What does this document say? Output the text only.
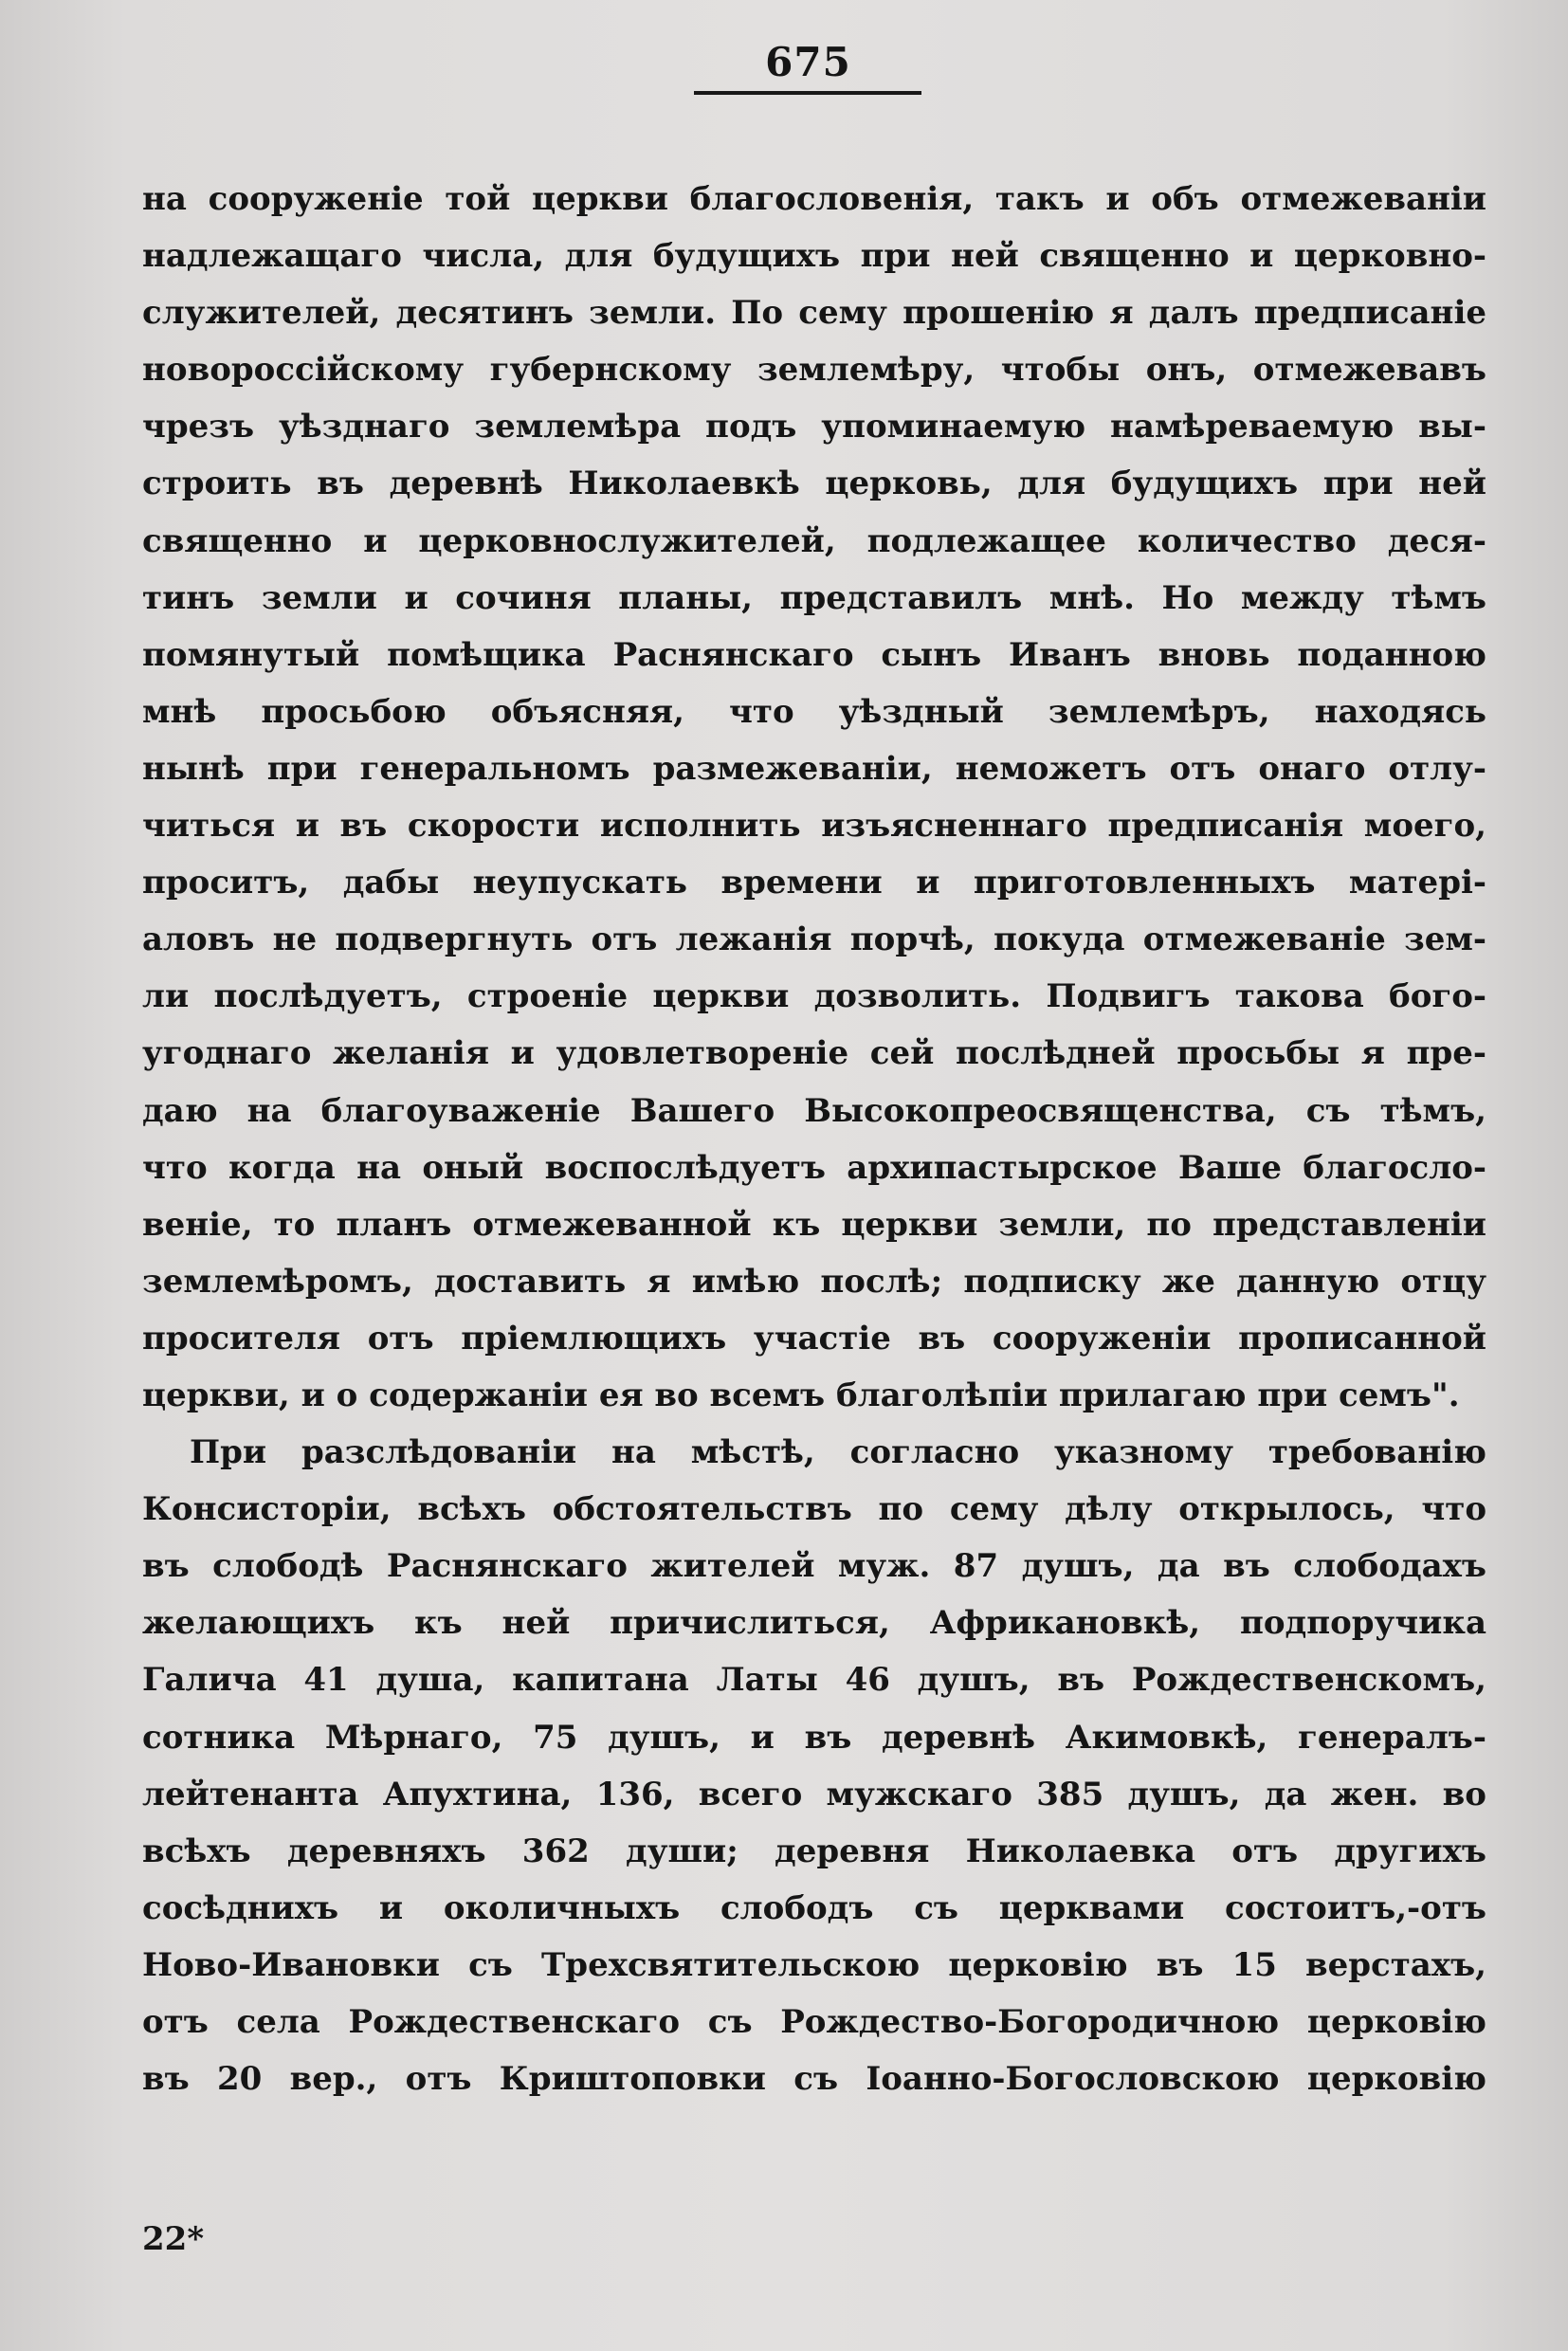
675
на сооруженіе той церкви благословенія, такъ и объ отмежеваніи
надлежащаго числа, для будущихъ при ней священно и церковно-
служителей, десятинъ земли. По сему прошенію я далъ предписаніе
новороссійскому губернскому землемѣру, чтобы онъ, отмежевавъ
чрезъ уѣзднаго землемѣра подъ упоминаемую намѣреваемую вы-
строить въ деревнѣ Николаевкѣ церковь, для будущихъ при ней
священно и церковнослужителей, подлежащее количество деся-
тинъ земли и сочиня планы, представилъ мнѣ. Но между тѣмъ
помянутый помѣщика Раснянскаго сынъ Иванъ вновь поданною
мнѣ просьбою объясняя, что уѣздный землемѣръ, находясь
нынѣ при генеральномъ размежеваніи, неможетъ отъ онаго отлу-
читься и въ скорости исполнить изъясненнаго предписанія моего,
проситъ, дабы неупускать времени и приготовленныхъ матері-
аловъ не подвергнуть отъ лежанія порчѣ, покуда отмежеваніе зем-
ли послѣдуетъ, строеніе церкви дозволить. Подвигъ такова бого-
угоднаго желанія и удовлетвореніе сей послѣдней просьбы я пре-
даю на благоуваженіе Вашего Высокопреосвященства, съ тѣмъ,
что когда на оный воспослѣдуетъ архипастырское Ваше благосло-
веніе, то планъ отмежеванной къ церкви земли, по представленіи
землемѣромъ, доставить я имѣю послѣ; подписку же данную отцу
просителя отъ пріемлющихъ участіе въ сооруженіи прописанной
церкви, и о содержаніи ея во всемъ благолѣпіи прилагаю при семъ".
При разслѣдованіи на мѣстѣ, согласно указному требованію
Консисторіи, всѣхъ обстоятельствъ по сему дѣлу открылось, что
въ слободѣ Раснянскаго жителей муж. 87 душъ, да въ слободахъ
желающихъ къ ней причислиться, Африкановкѣ, подпоручика
Галича 41 душа, капитана Латы 46 душъ, въ Рождественскомъ,
сотника Мѣрнаго, 75 душъ, и въ деревнѣ Акимовкѣ, генералъ-
лейтенанта Апухтина, 136, всего мужскаго 385 душъ, да жен. во
всѣхъ деревняхъ 362 души; деревня Николаевка отъ другихъ
сосѣднихъ и околичныхъ слободъ съ церквами состоитъ,-отъ
Ново-Ивановки съ Трехсвятительскою церковію въ 15 верстахъ,
отъ села Рождественскаго съ Рождество-Богородичною церковію
въ 20 вер., отъ Криштоповки съ Іоанно-Богословскою церковію
22*
